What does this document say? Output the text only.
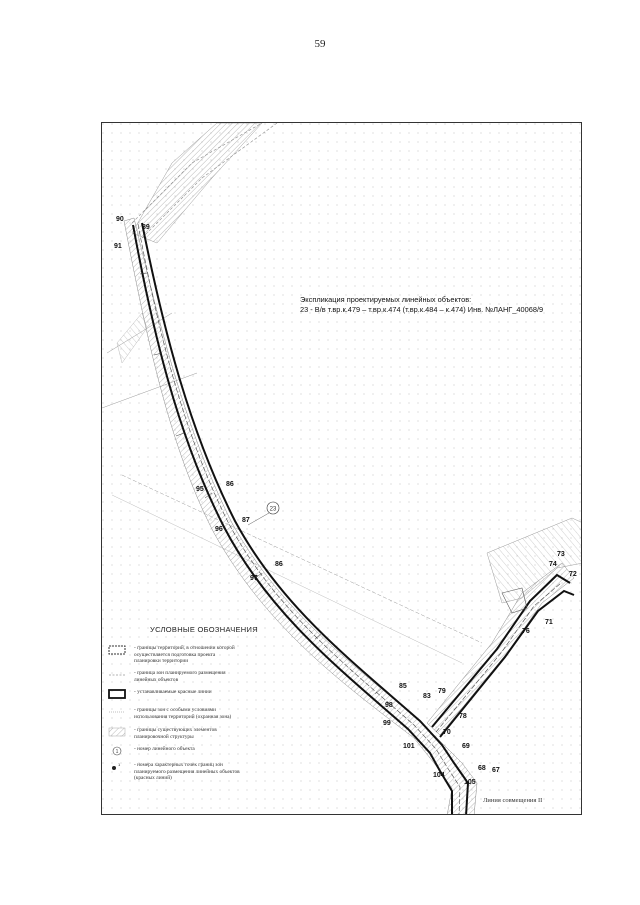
59
23
Экспликация проектируемых линейных объектов:
23 - В/в т.вр.к.479 – т.вр.к.474 (т.вр.к.484 – к.474) Инв. №ЛАНГ_40068/9
90
89
91
95
86
87
96
86
97
85
83
79
98
99
101
70
78
69
104
68 67
105
73
74
72
76
71
УСЛОВНЫЕ ОБОЗНАЧЕНИЯ
- границы территорий, в отношении которой
осуществляется подготовка проекта
планировки территории
- граница зон планируемого размещения
линейных объектов
- устанавливаемые красные линии
- границы зон с особыми условиями
использования территорий (охранная зона)
- границы существующих элементов
планировочной структуры
1	- номер линейного объекта
1	- номера характерных точек границ зон
планируемого размещения линейных объектов
(красных линий)
Линия совмещения II
